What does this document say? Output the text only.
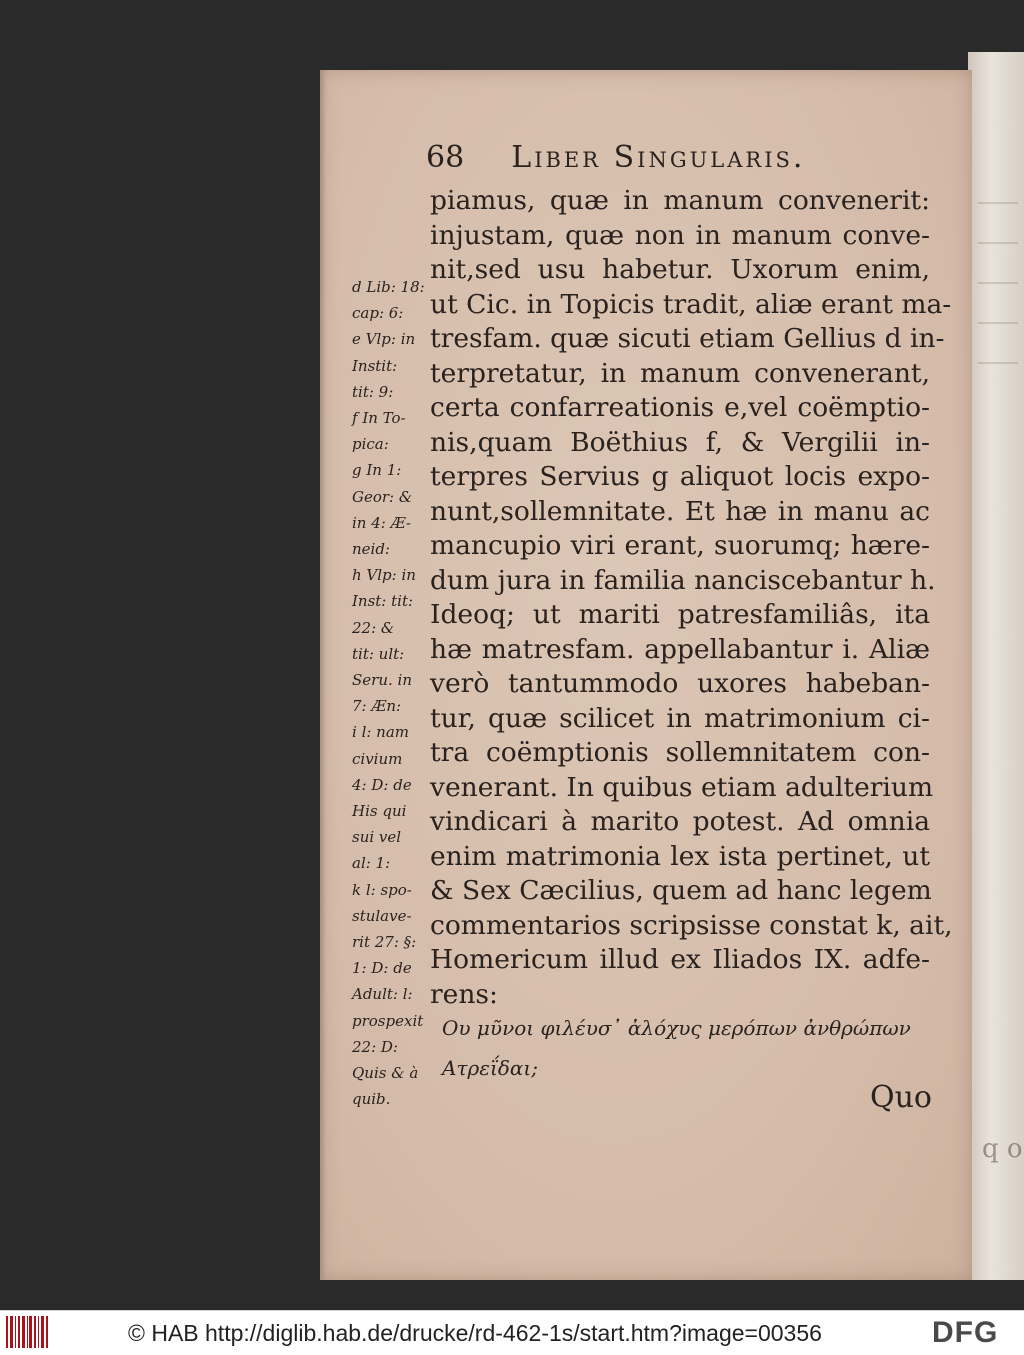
q o
68 Liber Singularis.
piamus, quæ in manum convenerit:
injustam, quæ non in manum conve-
nit,sed usu habetur. Uxorum enim,
ut Cic. in Topicis tradit, aliæ erant ma-
tresfam. quæ sicuti etiam Gellius d in-
terpretatur, in manum convenerant,
certa confarreationis e,vel coëmptio-
nis,quam Boëthius f, & Vergilii in-
terpres Servius g aliquot locis expo-
nunt,sollemnitate. Et hæ in manu ac
mancupio viri erant, suorumq; hære-
dum jura in familia nanciscebantur h.
Ideoq; ut mariti patresfamiliâs, ita
hæ matresfam. appellabantur i. Aliæ
verò tantummodo uxores habeban-
tur, quæ scilicet in matrimonium ci-
tra coëmptionis sollemnitatem con-
venerant. In quibus etiam adulterium
vindicari à marito potest. Ad omnia
enim matrimonia lex ista pertinet, ut
& Sex Cæcilius, quem ad hanc legem
commentarios scripsisse constat k, ait,
Homericum illud ex Iliados IX. adfe-
rens:
Ου μῦνοι φιλέυσ᾽ ἀλόχυς μερόπων ἀνθρώπων
Ατρεΐδαι;
d Lib: 18:
cap: 6:
e Vlp: in
Instit:
tit: 9:
f In To-
pica:
g In 1:
Geor: &
in 4: Æ-
neid:
h Vlp: in
Inst: tit:
22: &
tit: ult:
Seru. in
7: Æn:
i l: nam
civium
4: D: de
His qui
sui vel
al: 1:
k l: spo-
stulave-
rit 27: §:
1: D: de
Adult: l:
prospexit
22: D:
Quis & à
quib.	Quo
© HAB http://diglib.hab.de/drucke/rd-462-1s/start.htm?image=00356	DFG
